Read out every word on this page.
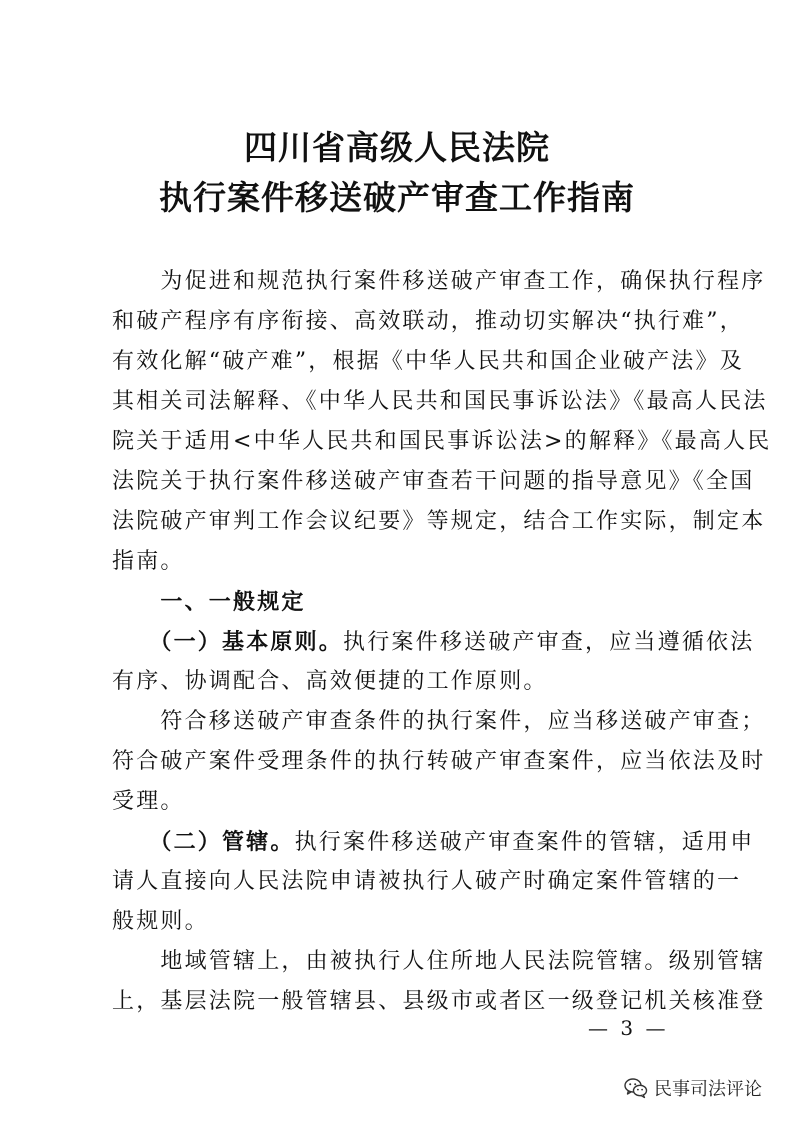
四川省高级人民法院
执行案件移送破产审查工作指南
　　为促进和规范执行案件移送破产审查工作，确保执行程序
和破产程序有序衔接、高效联动，推动切实解决“执行难”，
有效化解“破产难”，根据《中华人民共和国企业破产法》及
其相关司法解释、《中华人民共和国民事诉讼法》《最高人民法
院关于适用<中华人民共和国民事诉讼法>的解释》《最高人民
法院关于执行案件移送破产审查若干问题的指导意见》《全国
法院破产审判工作会议纪要》等规定，结合工作实际，制定本
指南。
　　一、一般规定
　　（一）基本原则。执行案件移送破产审查，应当遵循依法
有序、协调配合、高效便捷的工作原则。
　　符合移送破产审查条件的执行案件，应当移送破产审查；
符合破产案件受理条件的执行转破产审查案件，应当依法及时
受理。
　　（二）管辖。执行案件移送破产审查案件的管辖，适用申
请人直接向人民法院申请被执行人破产时确定案件管辖的一
般规则。
　　地域管辖上，由被执行人住所地人民法院管辖。级别管辖
上，基层法院一般管辖县、县级市或者区一级登记机关核准登
— 3 —
民事司法评论
